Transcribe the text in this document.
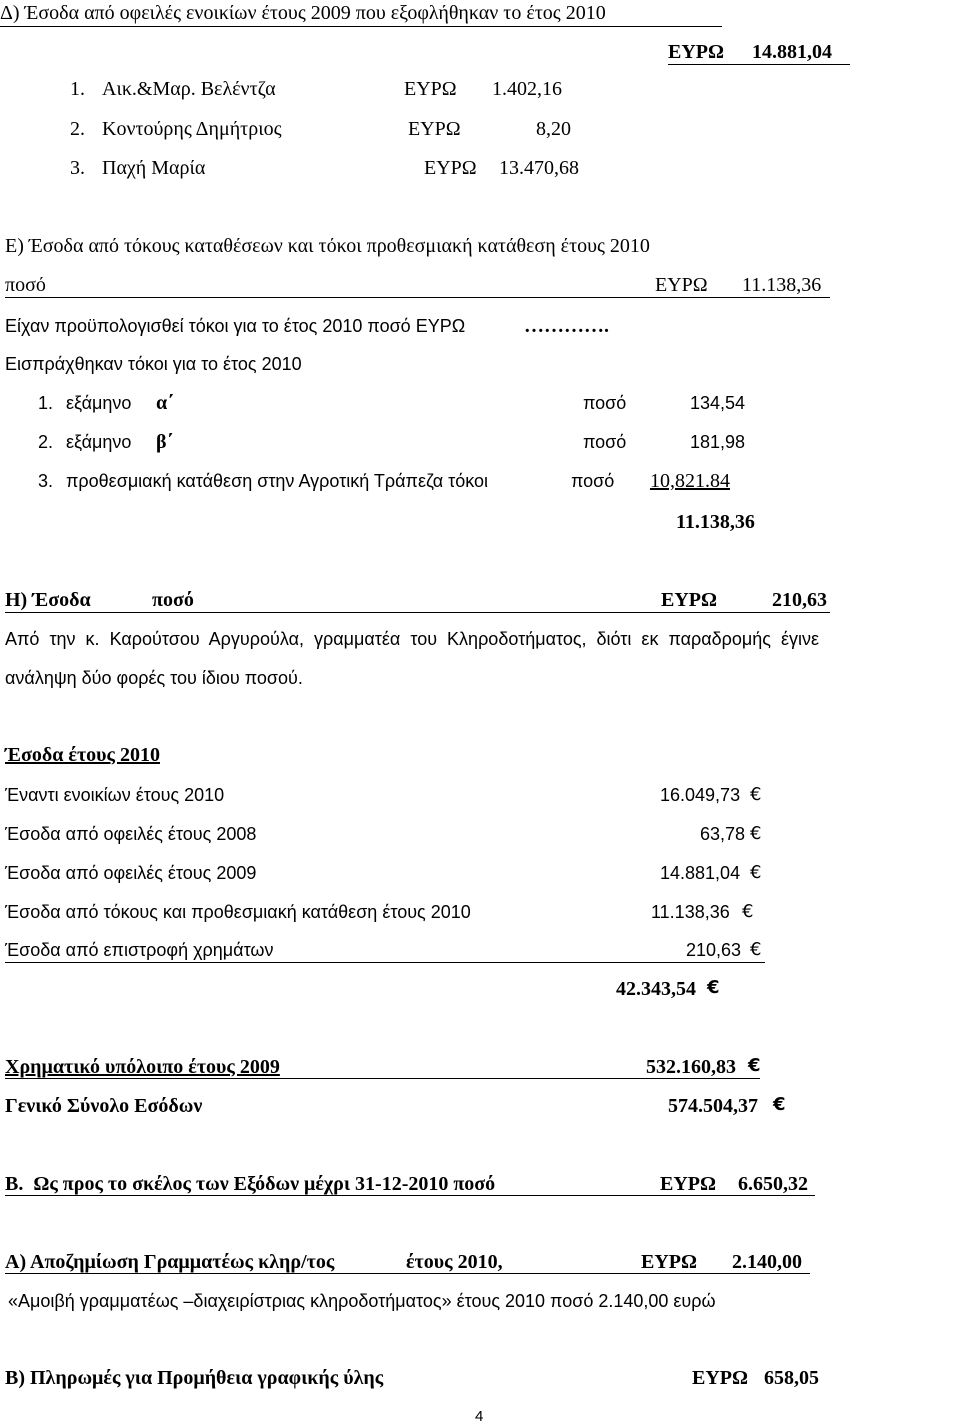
Δ) Έσοδα από οφειλές ενοικίων έτους 2009 που εξοφλήθηκαν το έτος 2010
ΕΥΡΩ 14.881,04
1. Αικ.&Μαρ. Βελέντζα	ΕΥΡΩ 1.402,16
2. Κοντούρης Δημήτριος	ΕΥΡΩ	8,20
3. Παχή Μαρία	ΕΥΡΩ 13.470,68
Ε) Έσοδα από τόκους καταθέσεων και τόκοι προθεσμιακή κατάθεση έτους 2010
ποσό	ΕΥΡΩ 11.138,36
Είχαν προϋπολογισθεί τόκοι για το έτος 2010 ποσό ΕΥΡΩ	………….
Εισπράχθηκαν τόκοι για το έτος 2010
1. εξάμηνο α΄	ποσό	134,54
2. εξάμηνο β΄	ποσό	181,98
3. προθεσμιακή κατάθεση στην Αγροτική Τράπεζα τόκοι	ποσό 10,821.84
11.138,36
Η) Έσοδα	ποσό	ΕΥΡΩ	210,63
Από  την  κ.  Καρούτσου  Αργυρούλα,  γραμματέα  του  Κληροδοτήματος,  διότι  εκ  παραδρομής  έγινε
ανάληψη δύο φορές του ίδιου ποσού.
Έσοδα έτους 2010
Έναντι ενοικίων έτους 2010	16.049,73 €
Έσοδα από οφειλές έτους 2008	63,78 €
Έσοδα από οφειλές έτους 2009	14.881,04 €
Έσοδα από τόκους και προθεσμιακή κατάθεση έτους 2010	11.138,36 €
Έσοδα από επιστροφή χρημάτων	210,63 €
42.343,54 €
Χρηματικό υπόλοιπο έτους 2009	532.160,83 €
Γενικό Σύνολο Εσόδων	574.504,37 €
Β.  Ως προς το σκέλος των Εξόδων μέχρι 31-12-2010 ποσό	ΕΥΡΩ 6.650,32
Α) Αποζημίωση Γραμματέως κληρ/τος	έτους 2010,	ΕΥΡΩ 2.140,00
«Αμοιβή γραμματέως –διαχειρίστριας κληροδοτήματος» έτους 2010 ποσό 2.140,00 ευρώ
Β) Πληρωμές για Προμήθεια γραφικής ύλης	ΕΥΡΩ 658,05
4
